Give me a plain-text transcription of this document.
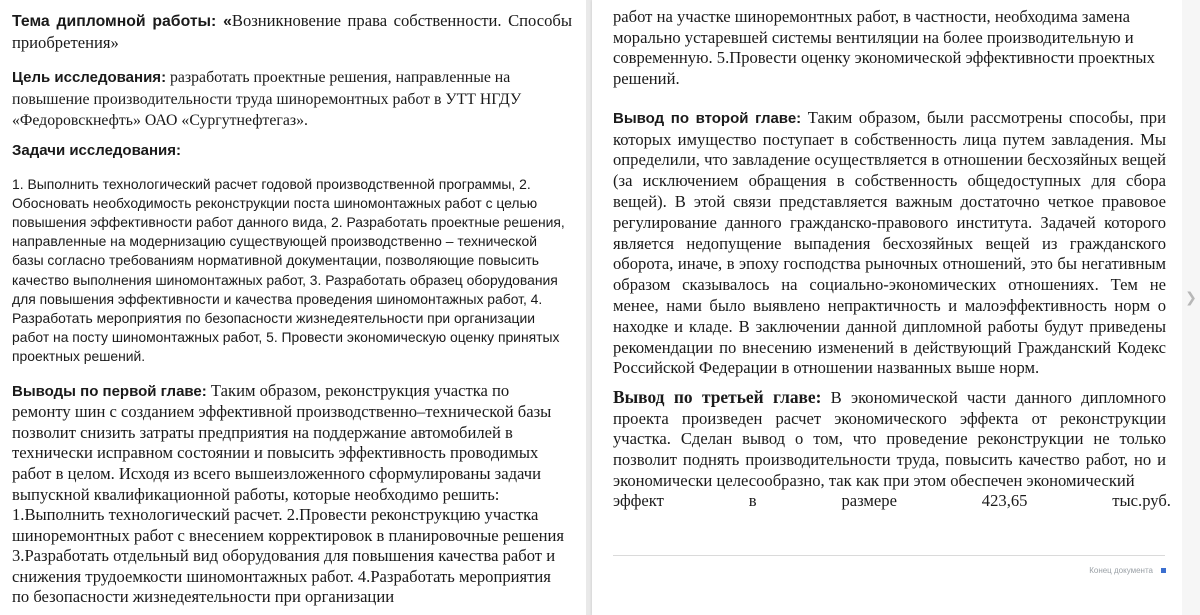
Тема дипломной работы: «Возникновение права собственности. Способы приобретения»

Цель исследования: разработать проектные решения, направленные на повышение производительности труда шиноремонтных работ в УТТ НГДУ «Федоровскнефть» ОАО «Сургутнефтегаз».

Задачи исследования:

1. Выполнить технологический расчет годовой производственной программы, 2. Обосновать необходимость реконструкции поста шиномонтажных работ с целью повышения эффективности работ данного вида, 2. Разработать проектные решения, направленные на модернизацию существующей производственно – технической базы согласно требованиям нормативной документации, позволяющие повысить качество выполнения шиномонтажных работ, 3. Разработать образец оборудования для повышения эффективности и качества проведения шиномонтажных работ, 4. Разработать мероприятия по безопасности жизнедеятельности при организации работ на посту шиномонтажных работ, 5. Провести экономическую оценку принятых проектных решений.

Выводы по первой главе: Таким образом, реконструкция участка по ремонту шин с созданием эффективной производственно–технической базы позволит снизить затраты предприятия на поддержание автомобилей в технически исправном состоянии и повысить эффективность проводимых работ в целом. Исходя из всего вышеизложенного сформулированы задачи выпускной квалификационной работы, которые необходимо решить: 1.Выполнить технологический расчет. 2.Провести реконструкцию участка шиноремонтных работ с внесением корректировок в планировочные решения 3.Разработать отдельный вид оборудования для повышения качества работ и снижения трудоемкости шиномонтажных работ. 4.Разработать мероприятия по безопасности жизнедеятельности при организации

работ на участке шиноремонтных работ, в частности, необходима замена морально устаревшей системы вентиляции на более производительную и современную. 5.Провести оценку экономической эффективности проектных решений.

Вывод по второй главе: Таким образом, были рассмотрены способы, при которых имущество поступает в собственность лица путем завладения. Мы определили, что завладение осуществляется в отношении бесхозяйных вещей (за исключением обращения в собственность общедоступных для сбора вещей). В этой связи представляется важным достаточно четкое правовое регулирование данного гражданско-правового института. Задачей которого является недопущение выпадения бесхозяйных вещей из гражданского оборота, иначе, в эпоху господства рыночных отношений, это бы негативным образом сказывалось на социально-экономических отношениях. Тем не менее, нами было выявлено непрактичность и малоэффективность норм о находке и кладе. В заключении данной дипломной работы будут приведены рекомендации по внесению изменений в действующий Гражданский Кодекс Российской Федерации в отношении названных выше норм.

Вывод по третьей главе: В экономической части данного дипломного проекта произведен расчет экономического эффекта от реконструкции участка. Сделан вывод о том, что проведение реконструкции не только позволит поднять производительности труда, повысить качество работ, но и экономически целесообразно, так как при этом обеспечен экономический

эффект	в	размере	423,65	тыс.руб.
Конец документа
❯
